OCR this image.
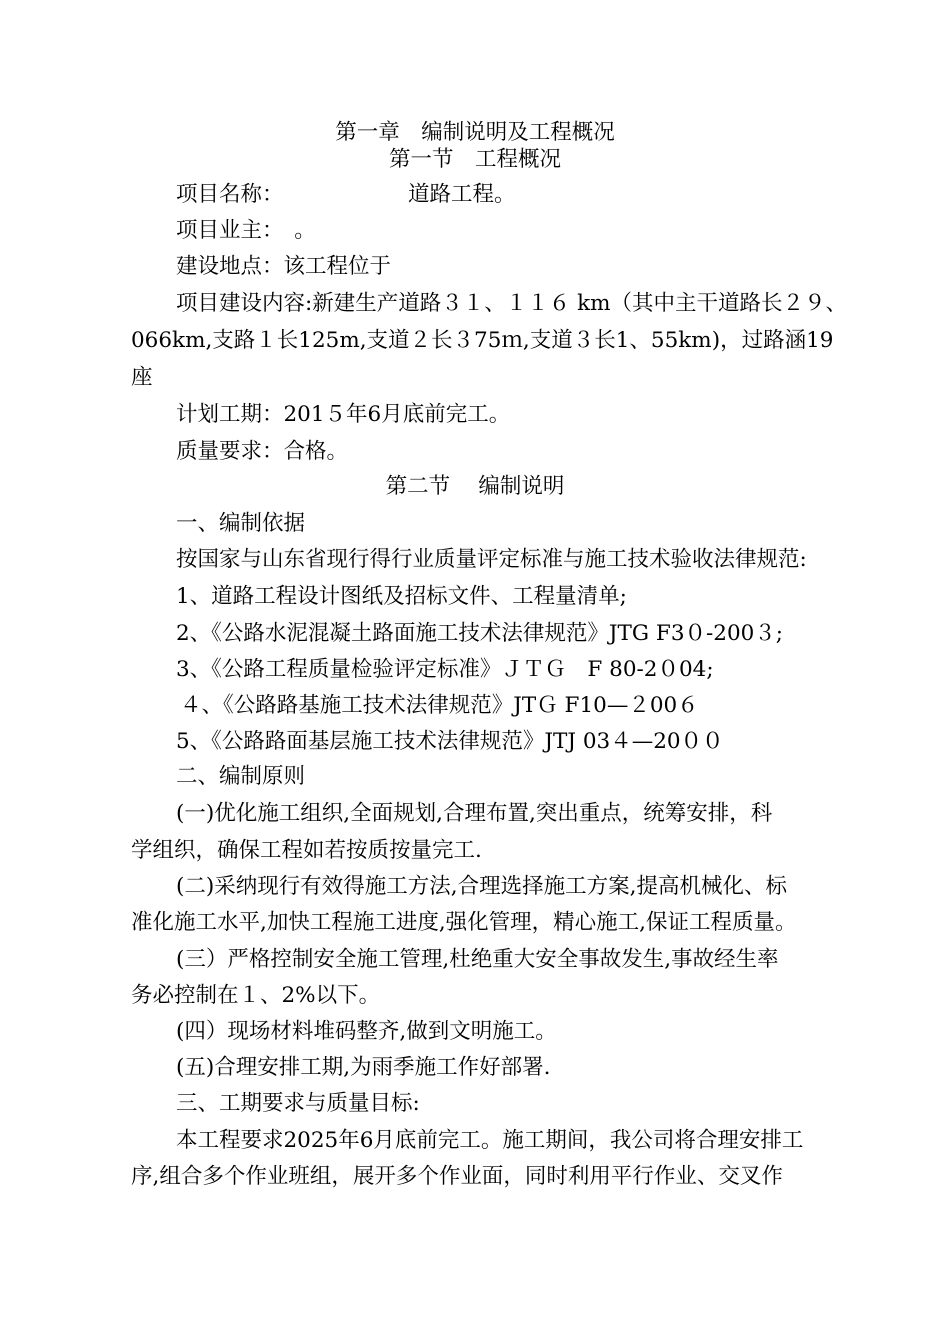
第一章　编制说明及工程概况

第一节　工程概况

项目名称：	道路工程。

项目业主：　。

建设地点：该工程位于

项目建设内容:新建生产道路３１、１１６ km（其中主干道路长２９、

066km,支路１长125m,支道２长３75ｍ,支道３长1、55km)，过路涵19

座

计划工期：201５年6月底前完工。

质量要求：合格。

第二节　 编制说明

一、编制依据

按国家与山东省现行得行业质量评定标准与施工技术验收法律规范:

1、道路工程设计图纸及招标文件、工程量清单;

2、《公路水泥混凝土路面施工技术法律规范》JTG F3０-200３;

3、《公路工程质量检验评定标准》ＪＴＧ　F 80-2０04;

４、《公路路基施工技术法律规范》JTＧ F10—２00６

5、《公路路面基层施工技术法律规范》JTJ 03４—20００

二、编制原则

(一)优化施工组织,全面规划,合理布置,突出重点，统筹安排，科

学组织，确保工程如若按质按量完工.

(二)采纳现行有效得施工方法,合理选择施工方案,提高机械化、标

准化施工水平,加快工程施工进度,强化管理，精心施工,保证工程质量。

(三）严格控制安全施工管理,杜绝重大安全事故发生,事故经生率

务必控制在１、2%以下。

(四）现场材料堆码整齐,做到文明施工。

(五)合理安排工期,为雨季施工作好部署.

三、工期要求与质量目标:

本工程要求2025年6月底前完工。施工期间，我公司将合理安排工

序,组合多个作业班组，展开多个作业面，同时利用平行作业、交叉作
